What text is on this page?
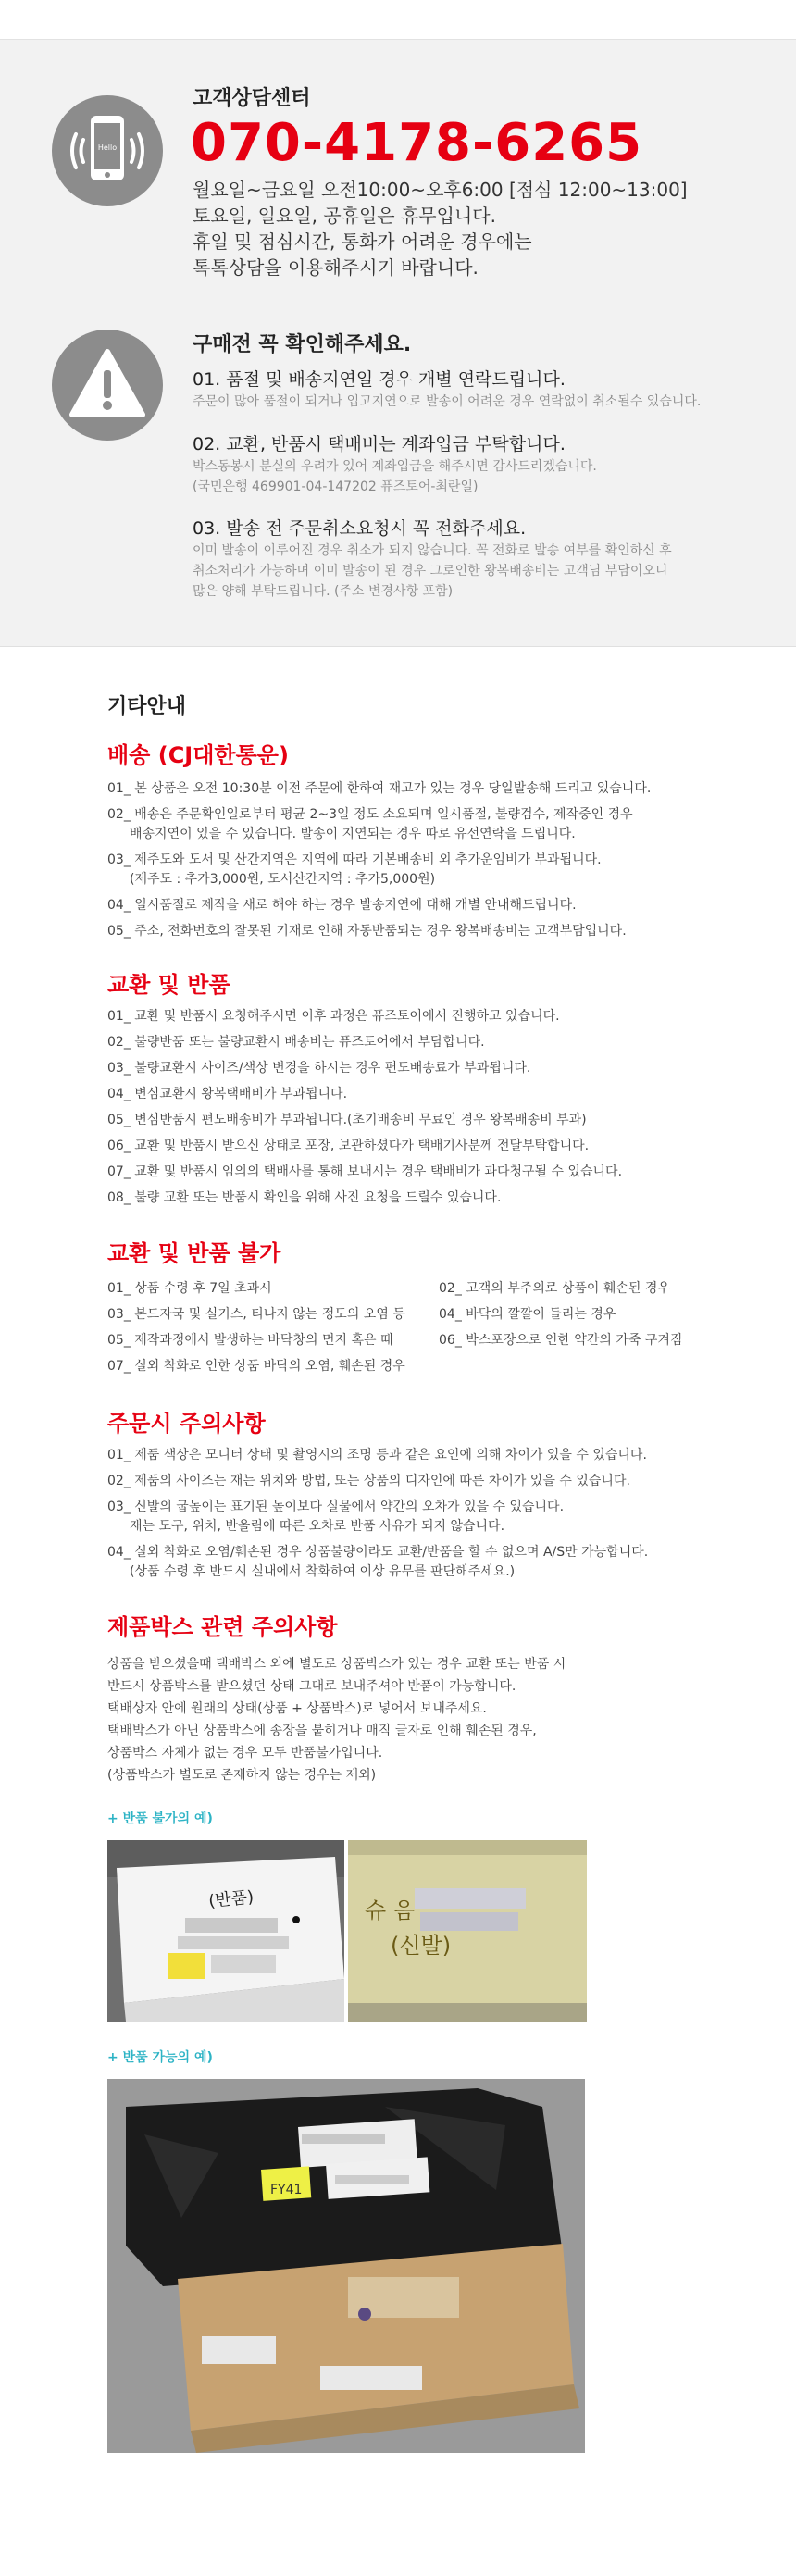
Hello
고객상담센터
070-4178-6265
월요일~금요일 오전10:00~오후6:00 [점심 12:00~13:00]
토요일, 일요일, 공휴일은 휴무입니다.
휴일 및 점심시간, 통화가 어려운 경우에는
톡톡상담을 이용해주시기 바랍니다.
구매전 꼭 확인해주세요.
01. 품절 및 배송지연일 경우 개별 연락드립니다.
주문이 많아 품절이 되거나 입고지연으로 발송이 어려운 경우 연락없이 취소될수 있습니다.
02. 교환, 반품시 택배비는 계좌입금 부탁합니다.
박스동봉시 분실의 우려가 있어 계좌입금을 해주시면 감사드리겠습니다.
(국민은행 469901-04-147202 퓨즈토어-최란일)
03. 발송 전 주문취소요청시 꼭 전화주세요.
이미 발송이 이루어진 경우 취소가 되지 않습니다. 꼭 전화로 발송 여부를 확인하신 후
취소처리가 가능하며 이미 발송이 된 경우 그로인한 왕복배송비는 고객님 부담이오니
많은 양해 부탁드립니다. (주소 변경사항 포함)
기타안내
배송 (CJ대한통운)
01_ 본 상품은 오전 10:30분 이전 주문에 한하여 재고가 있는 경우 당일발송해 드리고 있습니다.
02_ 배송은 주문확인일로부터 평균 2~3일 정도 소요되며 일시품절, 불량검수, 제작중인 경우
배송지연이 있을 수 있습니다. 발송이 지연되는 경우 따로 유선연락을 드립니다.
03_ 제주도와 도서 및 산간지역은 지역에 따라 기본배송비 외 추가운임비가 부과됩니다.
(제주도 : 추가3,000원, 도서산간지역 : 추가5,000원)
04_ 일시품절로 제작을 새로 해야 하는 경우 발송지연에 대해 개별 안내해드립니다.
05_ 주소, 전화번호의 잘못된 기재로 인해 자동반품되는 경우 왕복배송비는 고객부담입니다.
교환 및 반품
01_ 교환 및 반품시 요청해주시면 이후 과정은 퓨즈토어에서 진행하고 있습니다.
02_ 불량반품 또는 불량교환시 배송비는 퓨즈토어에서 부담합니다.
03_ 불량교환시 사이즈/색상 변경을 하시는 경우 편도배송료가 부과됩니다.
04_ 변심교환시 왕복택배비가 부과됩니다.
05_ 변심반품시 편도배송비가 부과됩니다.(초기배송비 무료인 경우 왕복배송비 부과)
06_ 교환 및 반품시 받으신 상태로 포장, 보관하셨다가 택배기사분께 전달부탁합니다.
07_ 교환 및 반품시 임의의 택배사를 통해 보내시는 경우 택배비가 과다청구될 수 있습니다.
08_ 불량 교환 또는 반품시 확인을 위해 사진 요청을 드릴수 있습니다.
교환 및 반품 불가
01_ 상품 수령 후 7일 초과시	02_ 고객의 부주의로 상품이 훼손된 경우
03_ 본드자국 및 실기스, 티나지 않는 정도의 오염 등	04_ 바닥의 깔깔이 들리는 경우
05_ 제작과정에서 발생하는 바닥창의 먼지 혹은 때	06_ 박스포장으로 인한 약간의 가죽 구겨짐
07_ 실외 착화로 인한 상품 바닥의 오염, 훼손된 경우
주문시 주의사항
01_ 제품 색상은 모니터 상태 및 촬영시의 조명 등과 같은 요인에 의해 차이가 있을 수 있습니다.
02_ 제품의 사이즈는 재는 위치와 방법, 또는 상품의 디자인에 따른 차이가 있을 수 있습니다.
03_ 신발의 굽높이는 표기된 높이보다 실물에서 약간의 오차가 있을 수 있습니다.
재는 도구, 위치, 반올림에 따른 오차로 반품 사유가 되지 않습니다.
04_ 실외 착화로 오염/훼손된 경우 상품불량이라도 교환/반품을 할 수 없으며 A/S만 가능합니다.
(상품 수령 후 반드시 실내에서 착화하여 이상 유무를 판단해주세요.)
제품박스 관련 주의사항
상품을 받으셨을때 택배박스 외에 별도로 상품박스가 있는 경우 교환 또는 반품 시
반드시 상품박스를 받으셨던 상태 그대로 보내주셔야 반품이 가능합니다.
택배상자 안에 원래의 상태(상품 + 상품박스)로 넣어서 보내주세요.
택배박스가 아닌 상품박스에 송장을 붙히거나 매직 글자로 인해 훼손된 경우,
상품박스 자체가 없는 경우 모두 반품불가입니다.
(상품박스가 별도로 존재하지 않는 경우는 제외)
+ 반품 불가의 예)
(반품)	슈 음
(신발)
+ 반품 가능의 예)
FY41
